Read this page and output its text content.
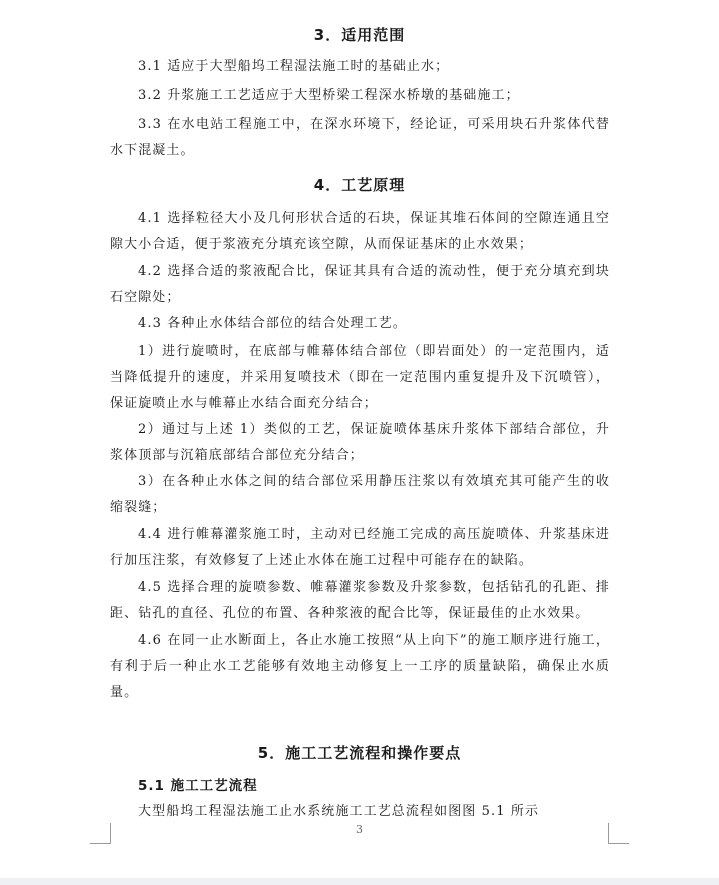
3．适用范围

3.1 适应于大型船坞工程湿法施工时的基础止水；

3.2 升浆施工工艺适应于大型桥梁工程深水桥墩的基础施工；

3.3 在水电站工程施工中，在深水环境下，经论证，可采用块石升浆体代替水下混凝土。

4．工艺原理

4.1 选择粒径大小及几何形状合适的石块，保证其堆石体间的空隙连通且空隙大小合适，便于浆液充分填充该空隙，从而保证基床的止水效果；

4.2 选择合适的浆液配合比，保证其具有合适的流动性，便于充分填充到块石空隙处；

4.3 各种止水体结合部位的结合处理工艺。

1）进行旋喷时，在底部与帷幕体结合部位（即岩面处）的一定范围内，适当降低提升的速度，并采用复喷技术（即在一定范围内重复提升及下沉喷管），保证旋喷止水与帷幕止水结合面充分结合；

2）通过与上述 1）类似的工艺，保证旋喷体基床升浆体下部结合部位，升浆体顶部与沉箱底部结合部位充分结合；

3）在各种止水体之间的结合部位采用静压注浆以有效填充其可能产生的收缩裂缝；

4.4 进行帷幕灌浆施工时，主动对已经施工完成的高压旋喷体、升浆基床进行加压注浆，有效修复了上述止水体在施工过程中可能存在的缺陷。

4.5 选择合理的旋喷参数、帷幕灌浆参数及升浆参数，包括钻孔的孔距、排距、钻孔的直径、孔位的布置、各种浆液的配合比等，保证最佳的止水效果。

4.6 在同一止水断面上，各止水施工按照“从上向下”的施工顺序进行施工，有利于后一种止水工艺能够有效地主动修复上一工序的质量缺陷，确保止水质量。

5．施工工艺流程和操作要点
5.1 施工工艺流程

大型船坞工程湿法施工止水系统施工工艺总流程如图图 5.1 所示

3
